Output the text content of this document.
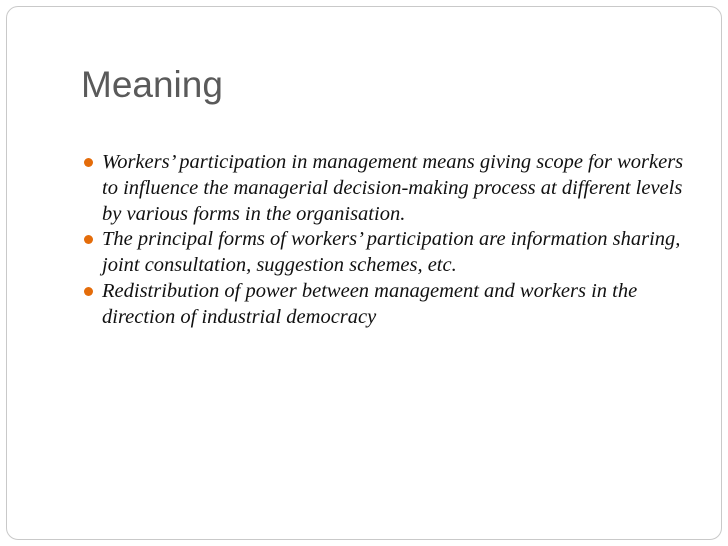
Meaning
Workers’ participation in management means giving scope for workers to influence the managerial decision-making process at different levels by various forms in the organisation.
The principal forms of workers’ participation are information sharing, joint consultation, suggestion schemes, etc.
Redistribution of power between management and workers in the direction of industrial democracy
